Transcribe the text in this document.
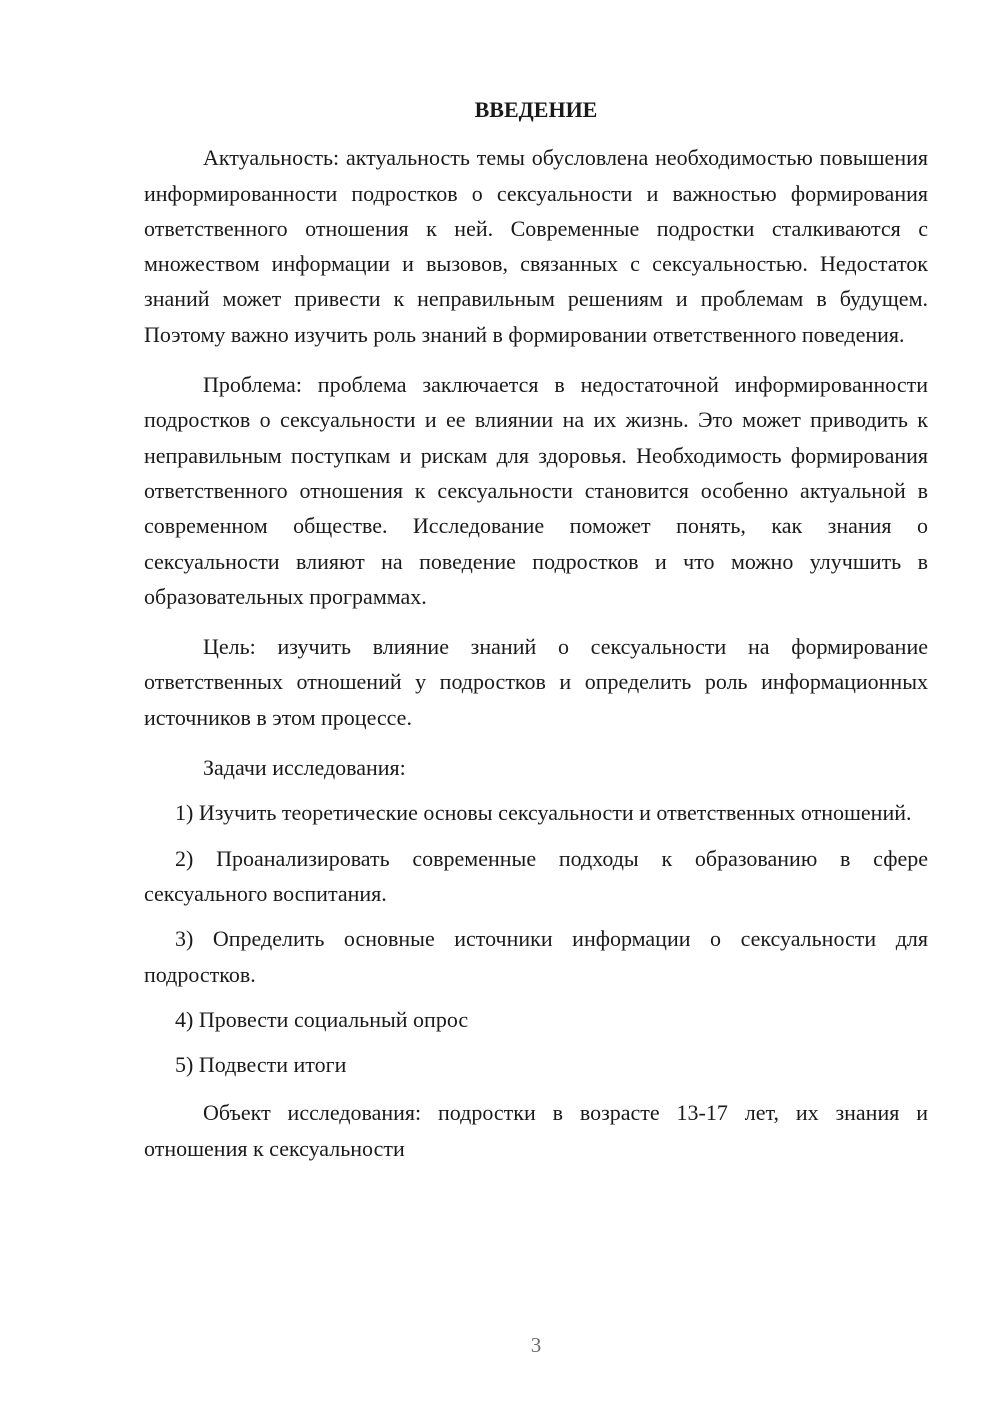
ВВЕДЕНИЕ

Актуальность: актуальность темы обусловлена необходимостью повышения информированности подростков о сексуальности и важностью формирования ответственного отношения к ней. Современные подростки сталкиваются с множеством информации и вызовов, связанных с сексуальностью. Недостаток знаний может привести к неправильным решениям и проблемам в будущем. Поэтому важно изучить роль знаний в формировании ответственного поведения.

Проблема: проблема заключается в недостаточной информированности подростков о сексуальности и ее влиянии на их жизнь. Это может приводить к неправильным поступкам и рискам для здоровья. Необходимость формирования ответственного отношения к сексуальности становится особенно актуальной в современном обществе. Исследование поможет понять, как знания о сексуальности влияют на поведение подростков и что можно улучшить в образовательных программах.

Цель: изучить влияние знаний о сексуальности на формирование ответственных отношений у подростков и определить роль информационных источников в этом процессе.

Задачи исследования:

1) Изучить теоретические основы сексуальности и ответственных отношений.

2) Проанализировать современные подходы к образованию в сфере сексуального воспитания.

3) Определить основные источники информации о сексуальности для подростков.

4) Провести социальный опрос

5) Подвести итоги

Объект исследования: подростки в возрасте 13-17 лет, их знания и отношения к сексуальности

3
